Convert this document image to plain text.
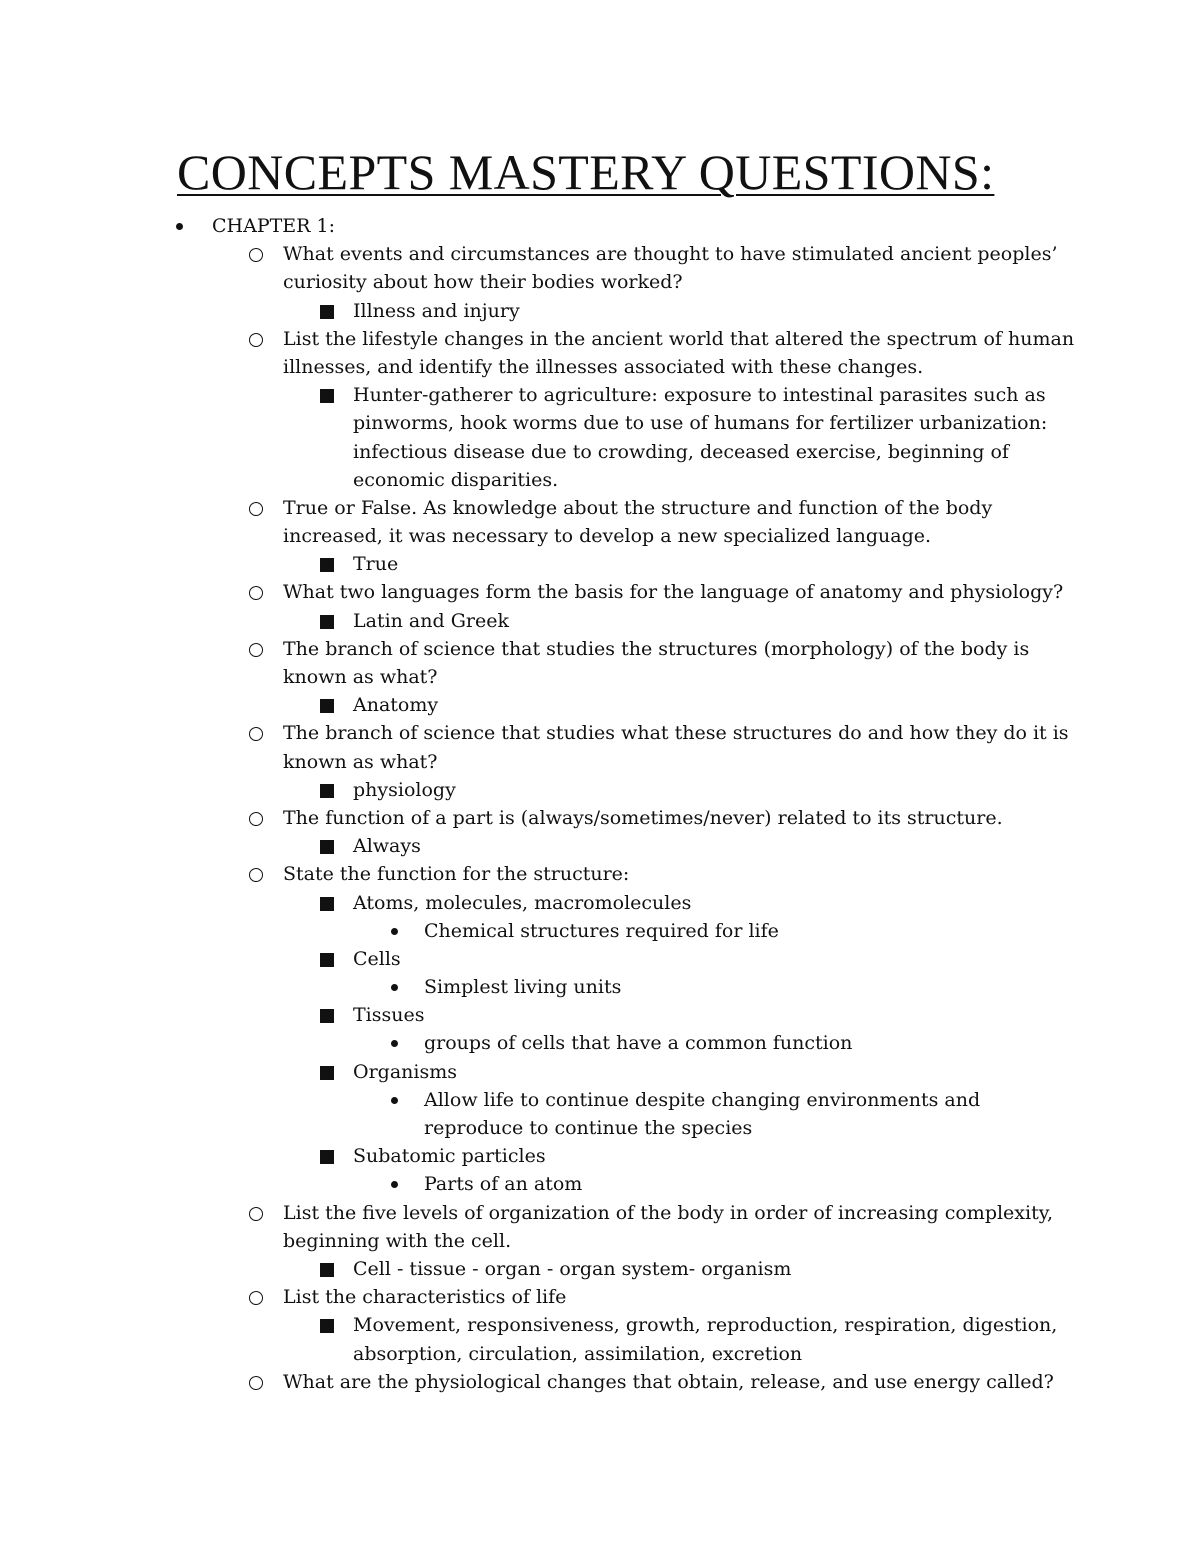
CONCEPTS MASTERY QUESTIONS:
CHAPTER 1:
What events and circumstances are thought to have stimulated ancient peoples’
curiosity about how their bodies worked?
Illness and injury
List the lifestyle changes in the ancient world that altered the spectrum of human
illnesses, and identify the illnesses associated with these changes.
Hunter-gatherer to agriculture: exposure to intestinal parasites such as
pinworms, hook worms due to use of humans for fertilizer urbanization:
infectious disease due to crowding, deceased exercise, beginning of
economic disparities.
True or False. As knowledge about the structure and function of the body
increased, it was necessary to develop a new specialized language.
True
What two languages form the basis for the language of anatomy and physiology?
Latin and Greek
The branch of science that studies the structures (morphology) of the body is
known as what?
Anatomy
The branch of science that studies what these structures do and how they do it is
known as what?
physiology
The function of a part is (always/sometimes/never) related to its structure.
Always
State the function for the structure:
Atoms, molecules, macromolecules
Chemical structures required for life
Cells
Simplest living units
Tissues
groups of cells that have a common function
Organisms
Allow life to continue despite changing environments and
reproduce to continue the species
Subatomic particles
Parts of an atom
List the five levels of organization of the body in order of increasing complexity,
beginning with the cell.
Cell - tissue - organ - organ system- organism
List the characteristics of life
Movement, responsiveness, growth, reproduction, respiration, digestion,
absorption, circulation, assimilation, excretion
What are the physiological changes that obtain, release, and use energy called?
